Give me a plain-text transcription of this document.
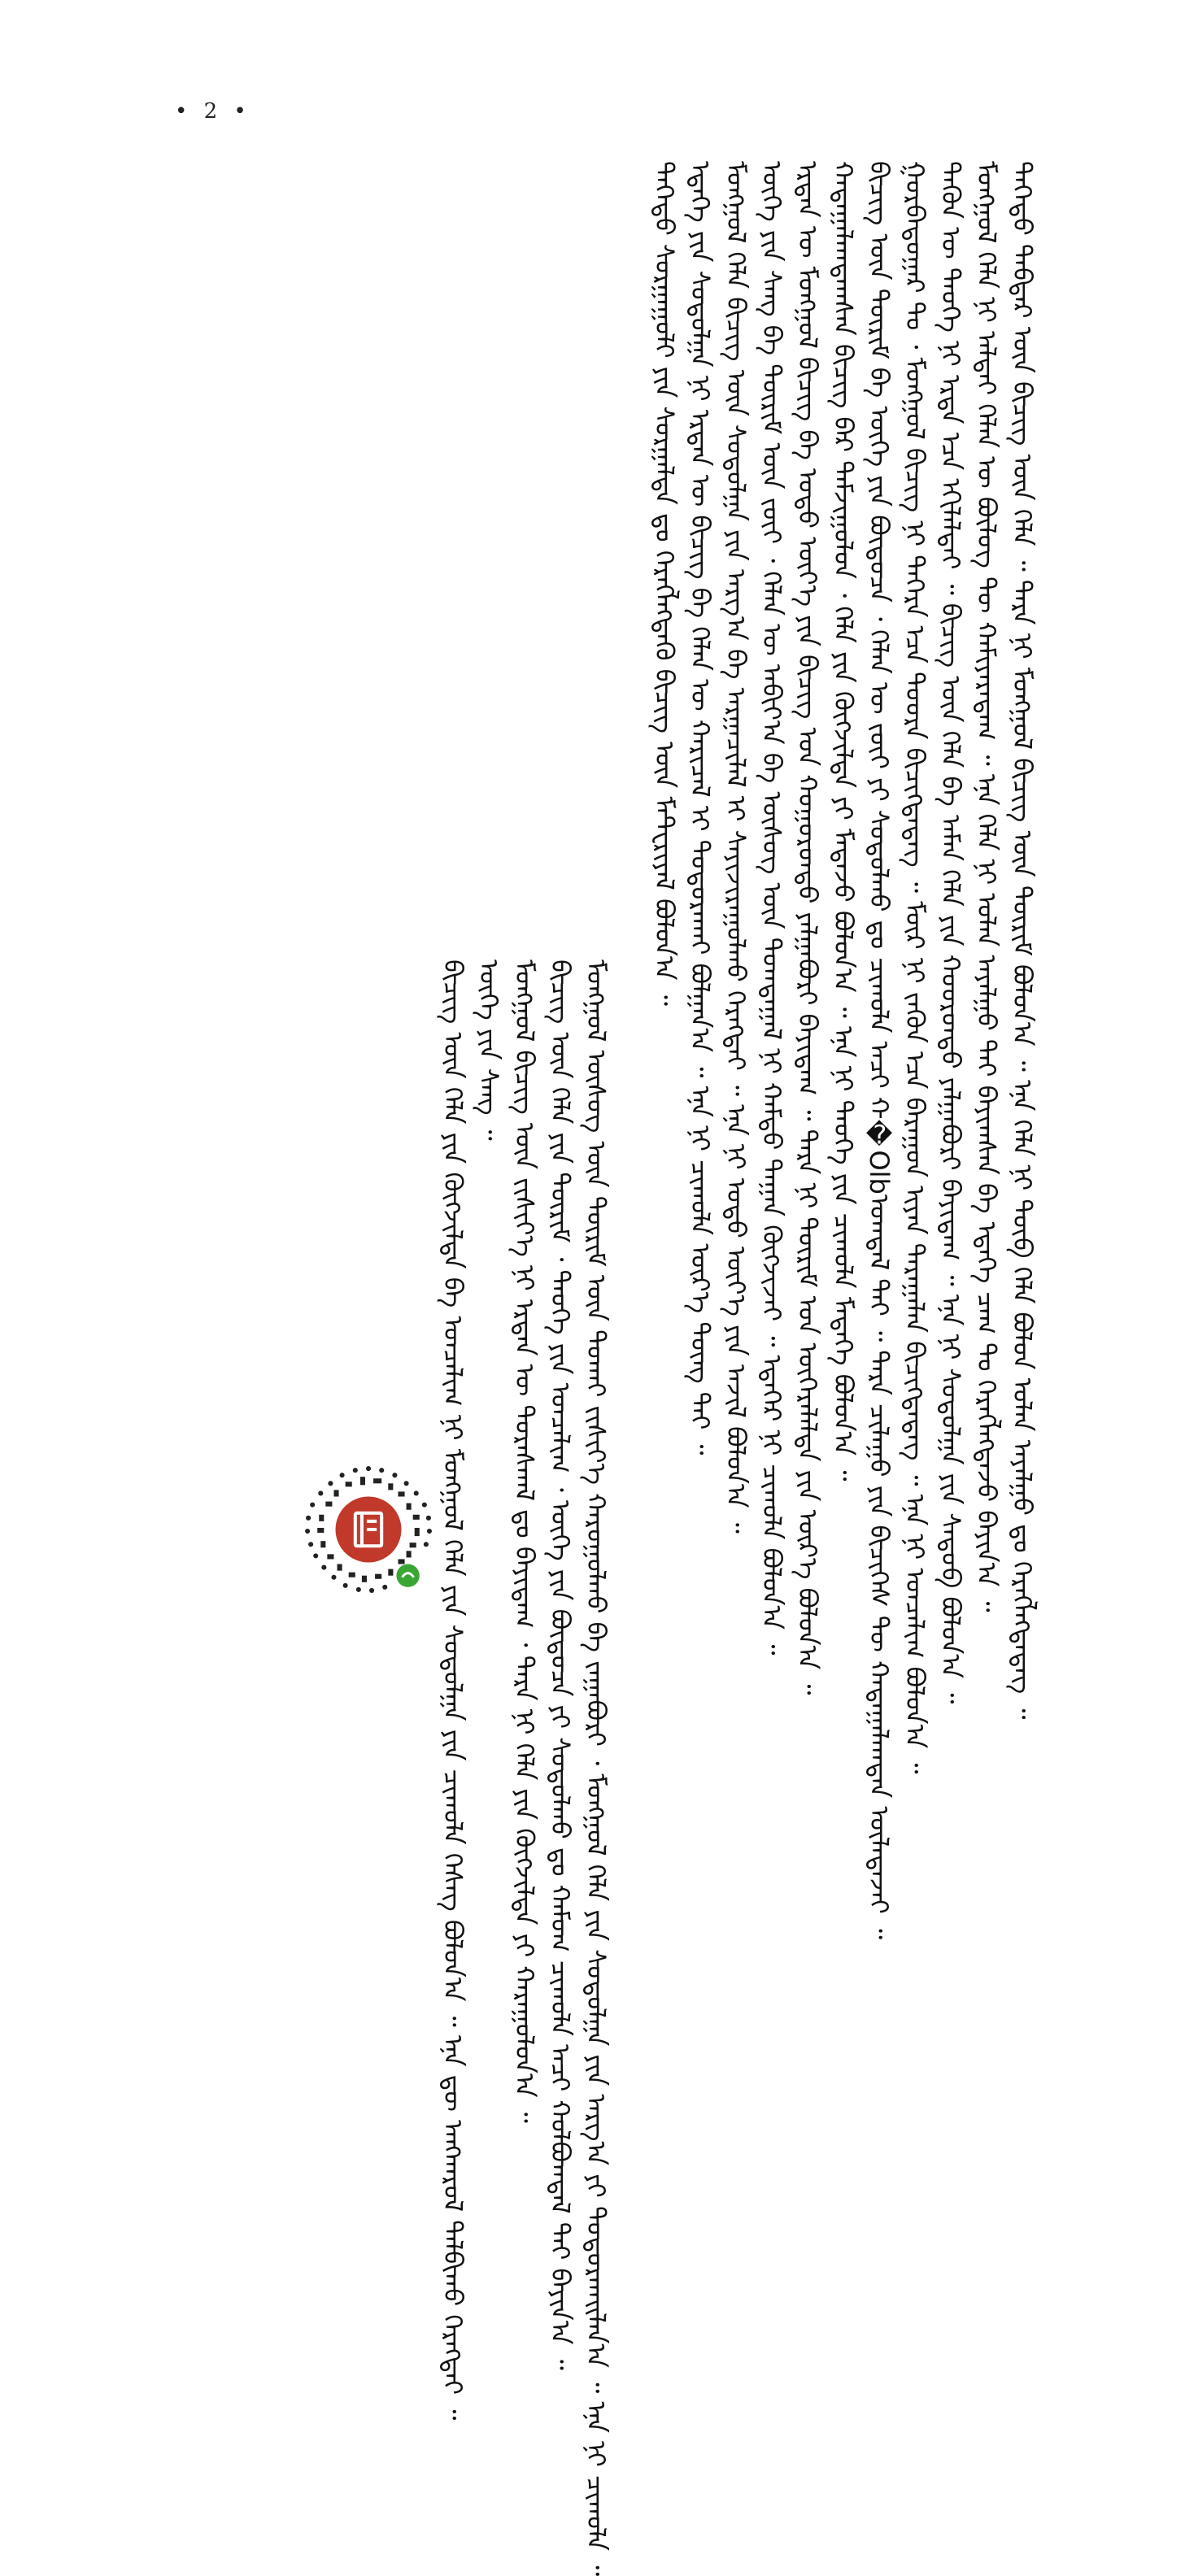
• 2 •
ᠳᠡᠭᠡᠳᠦ ᠳᠡᠪᠲᠡᠷ ᠦᠨ ᠪᠢᠴᠢᠭ᠌ ᠦᠨ ᠬᠡᠯᠡ ᠃ ᠲᠡᠷᠡ ᠨᠢ ᠮᠣᠩᠭᠣᠯ ᠪᠢᠴᠢᠭ᠌ ᠦᠨ ᠳᠦᠷᠢᠮ ᠪᠣᠯᠤᠨ᠎ᠠ ᠃ ᠡᠨᠡ ᠬᠡᠯᠡ ᠨᠢ ᠲᠦᠪ ᠬᠡᠯᠡ ᠪᠣᠯᠤᠨ ᠣᠯᠠᠨ ᠠᠶᠠᠯᠭᠤ ᠳᠤ ᠬᠡᠷᠡᠭᠯᠡᠭᠳᠡᠳᠡᠭ ᠃
ᠮᠣᠩᠭᠣᠯ ᠬᠡᠯᠡ ᠨᠢ ᠠᠯᠲᠠᠢ ᠬᠡᠯᠡᠨ ᠦ ᠪᠦᠯᠦᠭ ᠲᠦ ᠬᠠᠮᠢᠶᠠᠷᠠᠳᠠᠭ ᠃ ᠡᠨᠡ ᠬᠡᠯᠡ ᠨᠢ ᠣᠯᠠᠨ ᠠᠶᠠᠯᠭᠤ ᠲᠠᠢ ᠪᠠᠶᠢᠭᠰᠠᠨ ᠪᠠ ᠡᠳᠡᠭᠡ ᠴᠠᠭ ᠲᠤ ᠬᠡᠷᠡᠭᠯᠡᠭᠳᠡᠵᠦ ᠪᠠᠶᠢᠨ᠎ᠠ ᠃
ᠲᠡᠭᠦᠨ ᠦ ᠲᠡᠦᠬᠡ ᠨᠢ ᠡᠷᠲᠡ ᠡᠴᠡ ᠡᠬᠢᠯᠡᠯᠲᠡᠢ ᠃ ᠪᠢᠴᠢᠭ᠌ ᠦᠨ ᠬᠡᠯᠡ ᠪᠠ ᠠᠮᠠᠨ ᠬᠡᠯᠡ ᠶᠢᠨ ᠬᠣᠣᠷᠣᠨᠳᠤ ᠶᠠᠯᠭᠠᠪᠤᠷᠢ ᠪᠠᠶᠢᠳᠠᠭ ᠃ ᠡᠨᠡ ᠨᠢ ᠰᠤᠳᠤᠯᠭᠠ ᠶᠢᠨ ᠰᠡᠳᠦᠪ ᠪᠣᠯᠤᠨ᠎ᠠ ᠃
ᠭᠤᠷᠪᠠᠳᠤᠭᠠᠷ ᠲᠤ ᠂ ᠮᠣᠩᠭᠣᠯ ᠪᠢᠴᠢᠭ᠌ ᠨᠢ ᠳᠡᠭᠡᠷᠡ ᠡᠴᠡ ᠳᠣᠣᠷᠠ ᠪᠢᠴᠢᠭᠳᠡᠳᠡᠭ ᠃ ᠮᠦᠷ ᠨᠢ ᠵᠡᠭᠦᠨ ᠡᠴᠡ ᠪᠠᠷᠠᠭᠤᠨ ᠢᠶᠡᠨ ᠳᠠᠷᠠᠭᠠᠯᠠᠨ ᠪᠢᠴᠢᠭᠳᠡᠳᠡᠭ ᠃ ᠡᠨᠡ ᠨᠢ ᠣᠨᠴᠠᠯᠢᠭ ᠪᠣᠯᠤᠨ᠎ᠠ ᠃
ᠪᠢᠴᠢᠭ᠌ ᠦᠨ ᠳᠦᠷᠢᠮ ᠪᠠ ᠦᠭᠡ ᠶᠢᠨ ᠪᠦᠲᠦᠴᠡ ᠂ ᠬᠡᠯᠡᠨ ᠦ ᠵᠦᠢ ᠶᠢ ᠰᠤᠳᠤᠯᠬᠤ ᠳᠤ ᠴᠢᠬᠤᠯᠠ ᠠᠴᠢ ᠬ�Olbᠣᠭᠳᠠᠯ ᠲᠠᠢ ᠃ ᠲᠡᠷᠡ ᠴᠢᠯᠠᠭᠤ ᠶᠢᠨ ᠪᠢᠴᠢᠭᠡᠰ ᠲᠦ ᠬᠠᠳᠠᠭᠠᠯᠠᠭᠳᠠᠨ ᠦᠯᠡᠳᠡᠵᠡᠢ ᠃
ᠬᠠᠳᠠᠭᠠᠯᠠᠭᠳᠠᠭᠰᠠᠨ ᠪᠢᠴᠢᠭ᠌ ᠪᠠᠷ ᠳᠠᠮᠵᠢᠭᠤᠯᠤᠨ ᠂ ᠬᠡᠯᠡ ᠶᠢᠨ ᠬᠦᠭᠵᠢᠯᠲᠡ ᠶᠢ ᠮᠡᠳᠡᠵᠦ ᠪᠣᠯᠤᠨ᠎ᠠ ᠃ ᠡᠨᠡ ᠨᠢ ᠲᠡᠦᠬᠡ ᠶᠢᠨ ᠴᠢᠬᠤᠯᠠ ᠮᠡᠳᠡᠭᠡ ᠪᠣᠯᠤᠨ᠎ᠠ ᠃
ᠡᠷᠲᠡᠨ ᠦ ᠮᠣᠩᠭᠣᠯ ᠪᠢᠴᠢᠭ᠌ ᠪᠠ ᠣᠳᠣ ᠦᠶ᠎ᠡ ᠶᠢᠨ ᠪᠢᠴᠢᠭ᠌ ᠤᠨ ᠬᠣᠭᠣᠷᠣᠨᠳᠤ ᠶᠠᠯᠭᠠᠪᠤᠷᠢ ᠪᠠᠶᠢᠳᠠᠭ ᠃ ᠲᠡᠷᠡ ᠨᠢ ᠳᠦᠷᠢᠮ ᠤᠨ ᠥᠭᠡᠷᠡᠯᠡᠯᠲᠡ ᠶᠢᠨ ᠦᠷ᠎ᠡ ᠪᠣᠯᠤᠨ᠎ᠠ ᠃
ᠦᠭᠡ ᠶᠢᠨ ᠰᠠᠩ ᠪᠠ ᠳᠦᠷᠢᠮ ᠦᠨ ᠵᠦᠢ ᠂ ᠬᠡᠯᠡᠨ ᠦ ᠠᠪᠢᠶ᠎ᠠ ᠪᠠ ᠦᠰᠦᠭ ᠦᠨ ᠲᠣᠭᠲᠠᠭᠠᠯ ᠨᠢ ᠬᠠᠮᠲᠤ ᠳᠠᠭᠠᠨ ᠬᠦᠭᠵᠢᠵᠡᠢ ᠃ ᠡᠳᠡᠭᠡᠷ ᠨᠢ ᠴᠢᠬᠤᠯᠠ ᠪᠣᠯᠤᠨ᠎ᠠ ᠃
ᠮᠣᠩᠭᠣᠯ ᠬᠡᠯᠡ ᠪᠢᠴᠢᠭ᠌ ᠦᠨ ᠰᠤᠳᠤᠯᠭᠠ ᠶᠢᠨ ᠠᠷᠭ᠎ᠠ ᠪᠠ ᠠᠷᠭᠠᠴᠢᠯᠠᠯ ᠢ ᠰᠠᠶᠢᠵᠢᠷᠠᠭᠤᠯᠬᠤ ᠬᠡᠷᠡᠭᠲᠡᠢ ᠃ ᠡᠨᠡ ᠨᠢ ᠣᠳᠣ ᠦᠶ᠎ᠡ ᠶᠢᠨ ᠠᠵᠢᠯ ᠪᠣᠯᠤᠨ᠎ᠠ ᠃
ᠡᠳᠡᠭᠡ ᠶᠢᠨ ᠰᠤᠳᠤᠯᠭᠠ ᠨᠢ ᠡᠷᠲᠡᠨ ᠦ ᠪᠢᠴᠢᠭ᠌ ᠪᠠ ᠬᠡᠯᠡᠨ ᠦ ᠬᠠᠷᠢᠴᠠᠯ ᠢ ᠲᠣᠳᠣᠷᠠᠬᠠᠢ ᠪᠣᠯᠭᠠᠨ᠎ᠠ ᠃ ᠡᠨᠡ ᠨᠢ ᠴᠢᠬᠤᠯᠠ ᠦᠷ᠎ᠡ ᠳᠦᠩ ᠲᠡᠢ ᠃
ᠳᠡᠭᠡᠳᠦ ᠰᠤᠷᠭᠠᠭᠤᠯᠢ ᠶᠢᠨ ᠰᠤᠷᠭᠠᠯᠲᠠ ᠳᠤ ᠬᠡᠷᠡᠭᠯᠡᠭᠳᠡᠬᠦ ᠪᠢᠴᠢᠭ᠌ ᠦᠨ ᠮᠠᠲ᠋ᠸᠷᠢᠶᠠᠯ ᠪᠣᠯᠤᠨ᠎ᠠ ᠃
ᠮᠣᠩᠭᠣᠯ ᠦᠰᠦᠭ ᠦᠨ ᠳᠦᠷᠢᠮ ᠦᠨ ᠲᠤᠬᠠᠢ ᠵᠢᠱᠢᠶ᠎ᠡ ᠬᠠᠷᠤᠭᠤᠯᠬᠤ ᠪᠠ ᠵᠠᠭᠠᠪᠤᠷᠢ ᠂ ᠮᠣᠩᠭᠣᠯ ᠬᠡᠯᠡ ᠶᠢᠨ ᠰᠤᠳᠤᠯᠭᠠ ᠶᠢᠨ ᠠᠷᠭ᠎ᠠ ᠶᠢ ᠲᠣᠳᠣᠷᠬᠠᠢᠯᠠᠨ᠎ᠠ ᠃ ᠡᠨᠡ ᠨᠢ ᠴᠢᠬᠤᠯᠠ ᠃
ᠪᠢᠴᠢᠭ᠌ ᠦᠨ ᠬᠡᠯᠡ ᠶᠢᠨ ᠳᠦᠷᠢᠮ ᠂ ᠲᠡᠦᠬᠡ ᠶᠢᠨ ᠣᠨᠴᠠᠯᠢᠭ ᠂ ᠦᠭᠡ ᠶᠢᠨ ᠪᠦᠲᠦᠴᠡ ᠶᠢ ᠰᠤᠳᠤᠯᠬᠤ ᠳᠤ ᠬᠠᠮᠤᠭ ᠴᠢᠬᠤᠯᠠ ᠠᠴᠢ ᠬᠣᠯᠪᠣᠭᠳᠠᠯ ᠲᠠᠢ ᠪᠠᠶᠢᠨ᠎ᠠ ᠃
ᠮᠣᠩᠭᠣᠯ ᠪᠢᠴᠢᠭ᠌ ᠦᠨ ᠵᠢᠱᠢᠶ᠎ᠡ ᠨᠢ ᠡᠷᠲᠡᠨ ᠦ ᠳᠤᠷᠠᠰᠬᠠᠯ ᠳᠤ ᠪᠠᠶᠢᠳᠠᠭ ᠂ ᠲᠡᠷᠡ ᠨᠢ ᠬᠡᠯᠡ ᠶᠢᠨ ᠬᠦᠭᠵᠢᠯᠲᠡ ᠶᠢ ᠬᠠᠷᠠᠭᠤᠯᠤᠨ᠎ᠠ ᠃
ᠦᠭᠡ ᠶᠢᠨ ᠰᠠᠩ ᠃
ᠪᠢᠴᠢᠭ᠌ ᠦᠨ ᠬᠡᠯᠡ ᠶᠢᠨ ᠬᠦᠭᠵᠢᠯᠲᠡ ᠪᠠ ᠣᠨᠴᠠᠯᠢᠭ ᠨᠢ ᠮᠣᠩᠭᠣᠯ ᠬᠡᠯᠡ ᠶᠢᠨ ᠰᠤᠳᠤᠯᠭᠠ ᠶᠢᠨ ᠴᠢᠬᠤᠯᠠ ᠬᠡᠰᠡᠭ ᠪᠣᠯᠤᠨ᠎ᠠ ᠃ ᠡᠨᠡ ᠳᠦ ᠠᠩᠬᠠᠷᠤᠯ ᠲᠠᠯᠪᠢᠬᠤ ᠬᠡᠷᠡᠭᠲᠡᠢ ᠃
